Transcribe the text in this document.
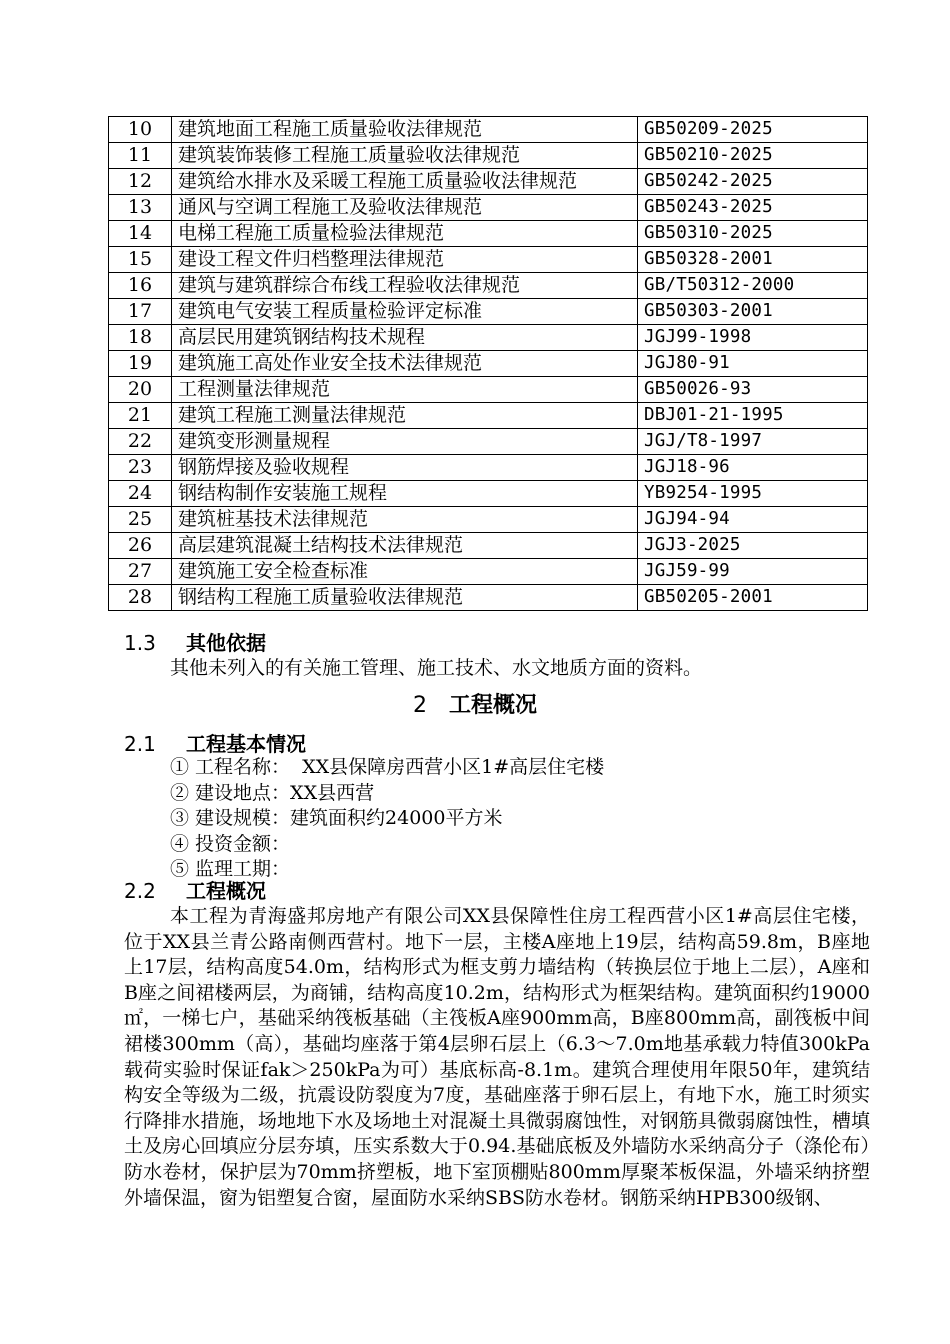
10	建筑地面工程施工质量验收法律规范	GB50209-2025
11	建筑装饰装修工程施工质量验收法律规范	GB50210-2025
12	建筑给水排水及采暖工程施工质量验收法律规范	GB50242-2025
13	通风与空调工程施工及验收法律规范	GB50243-2025
14	电梯工程施工质量检验法律规范	GB50310-2025
15	建设工程文件归档整理法律规范	GB50328-2001
16	建筑与建筑群综合布线工程验收法律规范	GB/T50312-2000
17	建筑电气安装工程质量检验评定标准	GB50303-2001
18	高层民用建筑钢结构技术规程	JGJ99-1998
19	建筑施工高处作业安全技术法律规范	JGJ80-91
20	工程测量法律规范	GB50026-93
21	建筑工程施工测量法律规范	DBJ01-21-1995
22	建筑变形测量规程	JGJ/T8-1997
23	钢筋焊接及验收规程	JGJ18-96
24	钢结构制作安装施工规程	YB9254-1995
25	建筑桩基技术法律规范	JGJ94-94
26	高层建筑混凝土结构技术法律规范	JGJ3-2025
27	建筑施工安全检查标准	JGJ59-99
28	钢结构工程施工质量验收法律规范	GB50205-2001
1.3 其他依据
其他未列入的有关施工管理、施工技术、水文地质方面的资料。
2 工程概况
2.1 工程基本情况
① 工程名称：  XX县保障房西营小区1#高层住宅楼
② 建设地点：XX县西营
③ 建设规模：建筑面积约24000平方米
④ 投资金额：
⑤ 监理工期：
2.2 工程概况
本工程为青海盛邦房地产有限公司XX县保障性住房工程西营小区1#高层住宅楼，位于XX县兰青公路南侧西营村。地下一层，主楼A座地上19层，结构高59.8m，B座地上17层，结构高度54.0m，结构形式为框支剪力墙结构（转换层位于地上二层），A座和B座之间裙楼两层，为商铺，结构高度10.2m，结构形式为框架结构。建筑面积约19000㎡，一梯七户，基础采纳筏板基础（主筏板A座900mm高，B座800mm高，副筏板中间裙楼300mm（高），基础均座落于第4层卵石层上（6.3～7.0m地基承载力特值300kPa载荷实验时保证fak＞250kPa为可）基底标高-8.1m。建筑合理使用年限50年，建筑结构安全等级为二级，抗震设防裂度为7度，基础座落于卵石层上，有地下水，施工时须实行降排水措施，场地地下水及场地土对混凝土具微弱腐蚀性，对钢筋具微弱腐蚀性，槽填土及房心回填应分层夯填，压实系数大于0.94.基础底板及外墙防水采纳高分子（涤伦布）防水卷材，保护层为70mm挤塑板，地下室顶棚贴800mm厚聚苯板保温，外墙采纳挤塑外墙保温，窗为铝塑复合窗，屋面防水采纳SBS防水卷材。钢筋采纳HPB300级钢、
